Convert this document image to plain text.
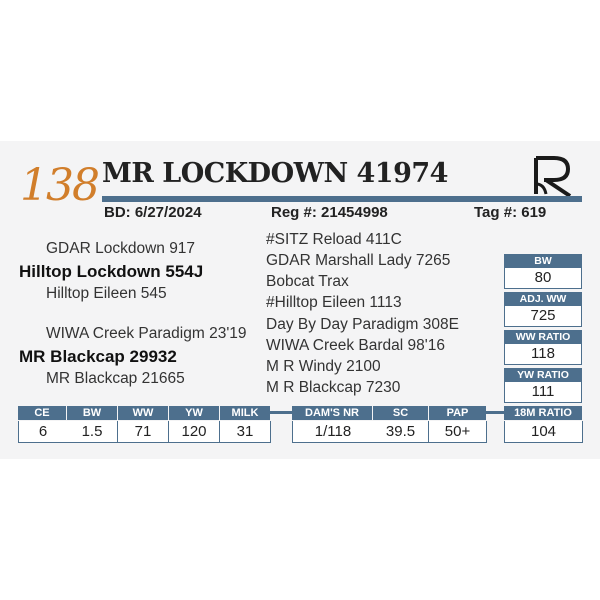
138 MR LOCKDOWN 41974
BD: 6/27/2024	Reg #: 21454998	Tag #: 619
GDAR Lockdown 917
Hilltop Lockdown 554J
Hilltop Eileen 545
WIWA Creek Paradigm 23'19
MR Blackcap 29932
MR Blackcap 21665
#SITZ Reload 411C
GDAR Marshall Lady 7265
Bobcat Trax
#Hilltop Eileen 1113
Day By Day Paradigm 308E
WIWA Creek Bardal 98'16
M R Windy 2100
M R Blackcap 7230
BW
80
ADJ. WW
725
WW RATIO
118
YW RATIO
111
CE	BW	WW	YW	MILK
6	1.5	71	120	31
DAM'S NR	SC	PAP
1/118	39.5	50+
18M RATIO
104
